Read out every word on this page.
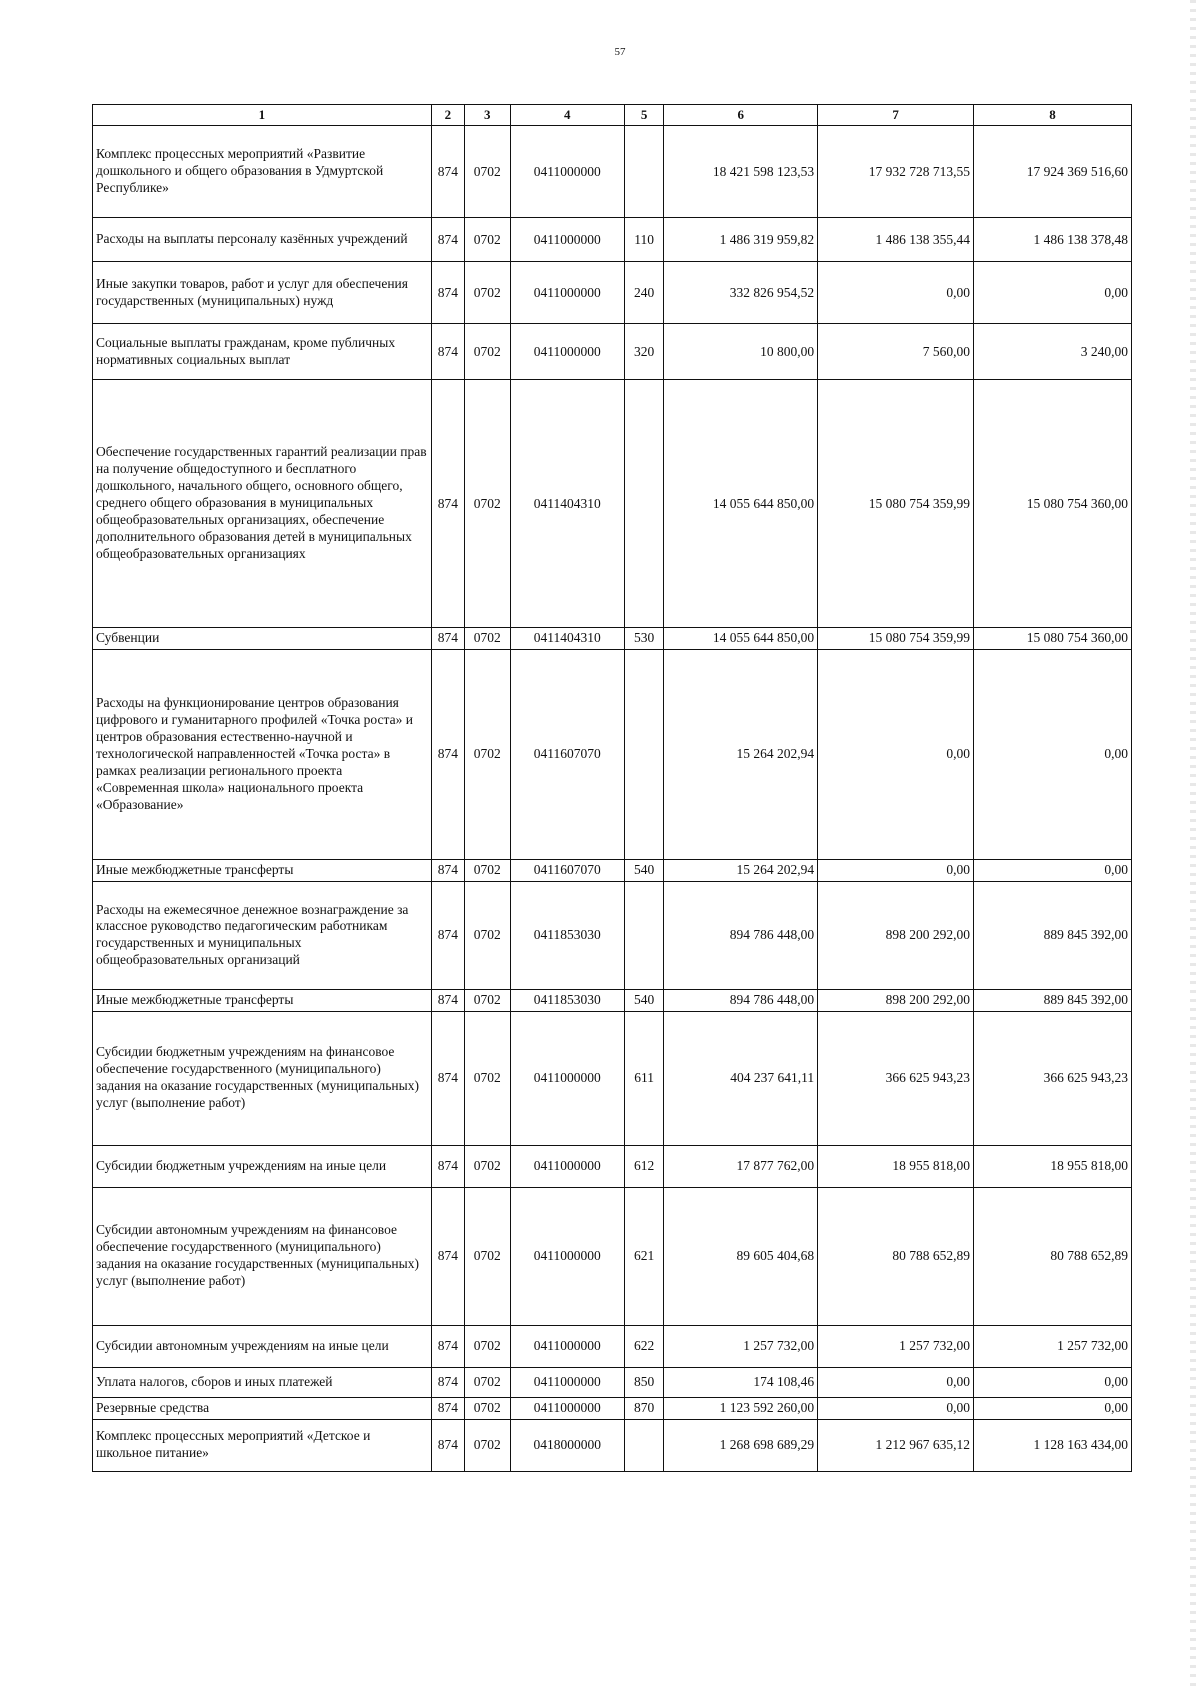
57
1	2	3	4	5	6	7	8
Комплекс процессных мероприятий «Развитие дошкольного и общего образования в Удмуртской Республике»	874	0702	0411000000		18 421 598 123,53	17 932 728 713,55	17 924 369 516,60
Расходы на выплаты персоналу казённых учреждений	874	0702	0411000000	110	1 486 319 959,82	1 486 138 355,44	1 486 138 378,48
Иные закупки товаров, работ и услуг для обеспечения государственных (муниципальных) нужд	874	0702	0411000000	240	332 826 954,52	0,00	0,00
Социальные выплаты гражданам, кроме публичных нормативных социальных выплат	874	0702	0411000000	320	10 800,00	7 560,00	3 240,00
Обеспечение государственных гарантий реализации прав на получение общедоступного и бесплатного дошкольного, начального общего, основного общего, среднего общего образования в муниципальных общеобразовательных организациях, обеспечение дополнительного образования детей в муниципальных общеобразовательных организациях	874	0702	0411404310		14 055 644 850,00	15 080 754 359,99	15 080 754 360,00
Субвенции	874	0702	0411404310	530	14 055 644 850,00	15 080 754 359,99	15 080 754 360,00
Расходы на функционирование центров образования цифрового и гуманитарного профилей «Точка роста» и центров образования естественно-научной и технологической направленностей «Точка роста» в рамках реализации регионального проекта «Современная школа» национального проекта «Образование»	874	0702	0411607070		15 264 202,94	0,00	0,00
Иные межбюджетные трансферты	874	0702	0411607070	540	15 264 202,94	0,00	0,00
Расходы на ежемесячное денежное вознаграждение за классное руководство педагогическим работникам государственных и муниципальных общеобразовательных организаций	874	0702	0411853030		894 786 448,00	898 200 292,00	889 845 392,00
Иные межбюджетные трансферты	874	0702	0411853030	540	894 786 448,00	898 200 292,00	889 845 392,00
Субсидии бюджетным учреждениям на финансовое обеспечение государственного (муниципального) задания на оказание государственных (муниципальных) услуг (выполнение работ)	874	0702	0411000000	611	404 237 641,11	366 625 943,23	366 625 943,23
Субсидии бюджетным учреждениям на иные цели	874	0702	0411000000	612	17 877 762,00	18 955 818,00	18 955 818,00
Субсидии автономным учреждениям на финансовое обеспечение государственного (муниципального) задания на оказание государственных (муниципальных) услуг (выполнение работ)	874	0702	0411000000	621	89 605 404,68	80 788 652,89	80 788 652,89
Субсидии автономным учреждениям на иные цели	874	0702	0411000000	622	1 257 732,00	1 257 732,00	1 257 732,00
Уплата налогов, сборов и иных платежей	874	0702	0411000000	850	174 108,46	0,00	0,00
Резервные средства	874	0702	0411000000	870	1 123 592 260,00	0,00	0,00
Комплекс процессных мероприятий «Детское и школьное питание»	874	0702	0418000000		1 268 698 689,29	1 212 967 635,12	1 128 163 434,00
